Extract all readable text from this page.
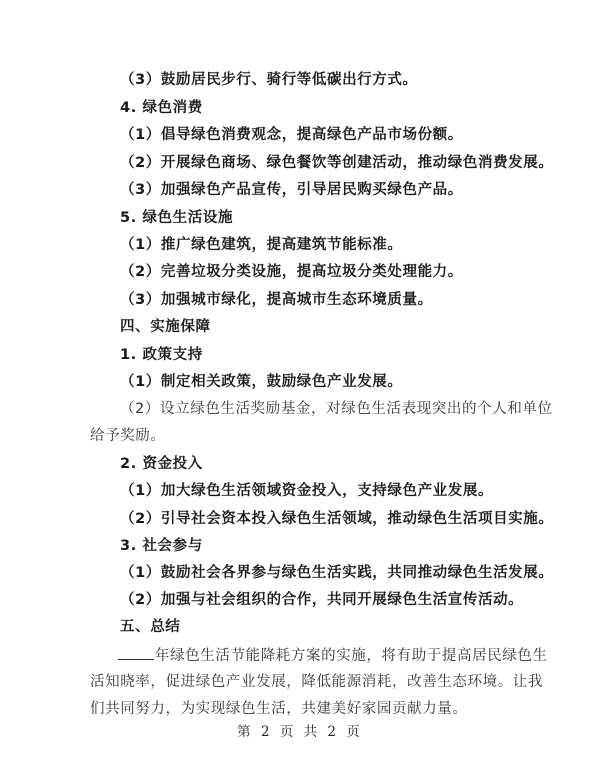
（3）鼓励居民步行、骑行等低碳出行方式。
4. 绿色消费
（1）倡导绿色消费观念，提高绿色产品市场份额。
（2）开展绿色商场、绿色餐饮等创建活动，推动绿色消费发展。
（3）加强绿色产品宣传，引导居民购买绿色产品。
5. 绿色生活设施
（1）推广绿色建筑，提高建筑节能标准。
（2）完善垃圾分类设施，提高垃圾分类处理能力。
（3）加强城市绿化，提高城市生态环境质量。
四、实施保障
1. 政策支持
（1）制定相关政策，鼓励绿色产业发展。
（2）设立绿色生活奖励基金，对绿色生活表现突出的个人和单位
给予奖励。
2. 资金投入
（1）加大绿色生活领域资金投入，支持绿色产业发展。
（2）引导社会资本投入绿色生活领域，推动绿色生活项目实施。
3. 社会参与
（1）鼓励社会各界参与绿色生活实践，共同推动绿色生活发展。
（2）加强与社会组织的合作，共同开展绿色生活宣传活动。
五、总结
年绿色生活节能降耗方案的实施，将有助于提高居民绿色生
活知晓率，促进绿色产业发展，降低能源消耗，改善生态环境。让我
们共同努力，为实现绿色生活，共建美好家园贡献力量。
第 2 页 共 2 页
